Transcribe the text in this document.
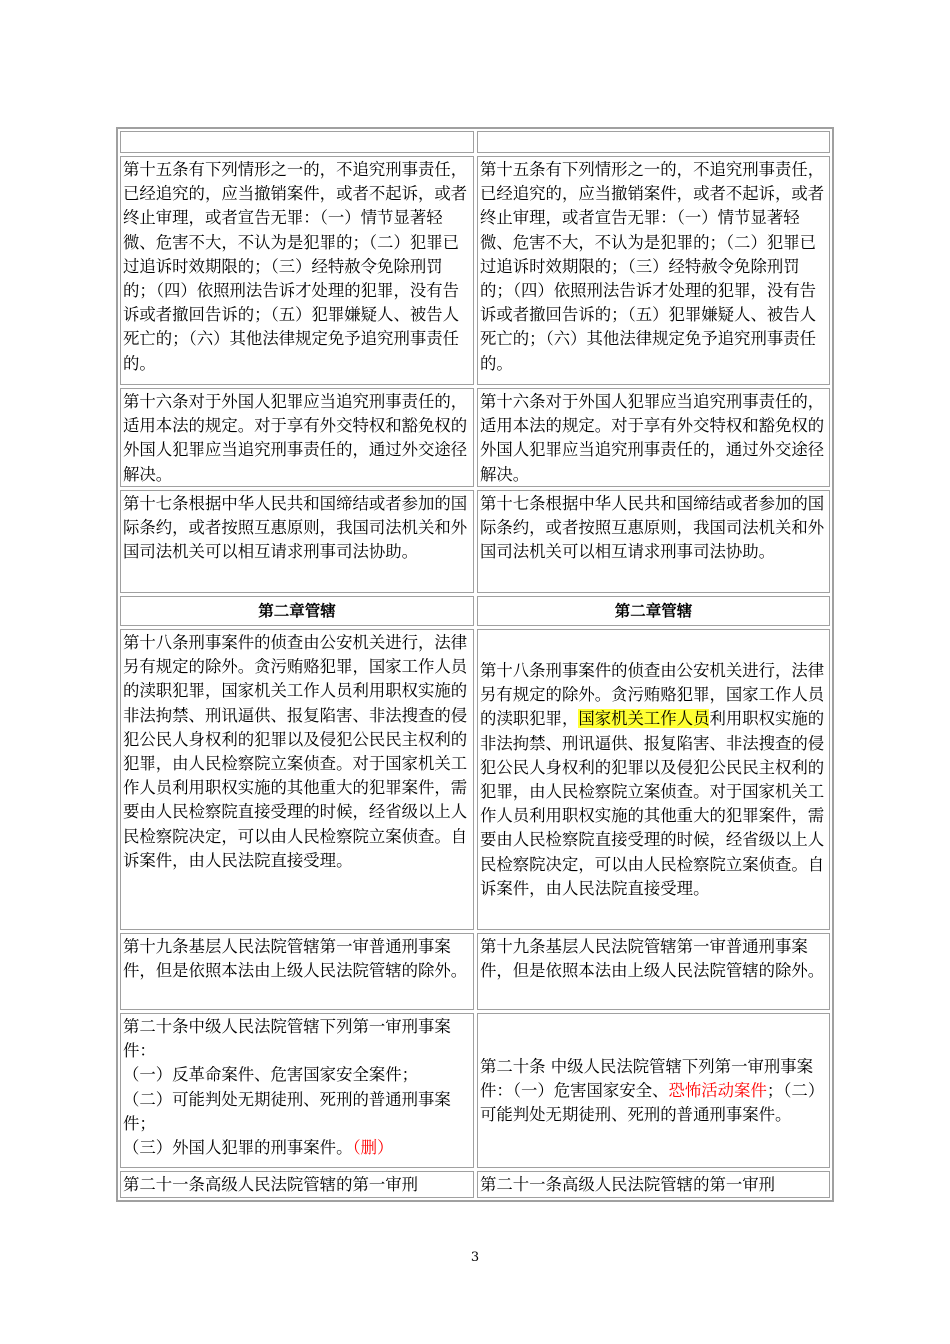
第十五条有下列情形之一的，不追究刑事责任，已经追究的，应当撤销案件，或者不起诉，或者终止审理，或者宣告无罪：（一）情节显著轻微、危害不大，不认为是犯罪的；（二）犯罪已过追诉时效期限的；（三）经特赦令免除刑罚的；（四）依照刑法告诉才处理的犯罪，没有告诉或者撤回告诉的；（五）犯罪嫌疑人、被告人死亡的；（六）其他法律规定免予追究刑事责任的。
第十五条有下列情形之一的，不追究刑事责任，已经追究的，应当撤销案件，或者不起诉，或者终止审理，或者宣告无罪：（一）情节显著轻微、危害不大，不认为是犯罪的；（二）犯罪已过追诉时效期限的；（三）经特赦令免除刑罚的；（四）依照刑法告诉才处理的犯罪，没有告诉或者撤回告诉的；（五）犯罪嫌疑人、被告人死亡的；（六）其他法律规定免予追究刑事责任的。
第十六条对于外国人犯罪应当追究刑事责任的，适用本法的规定。对于享有外交特权和豁免权的外国人犯罪应当追究刑事责任的，通过外交途径解决。
第十六条对于外国人犯罪应当追究刑事责任的，适用本法的规定。对于享有外交特权和豁免权的外国人犯罪应当追究刑事责任的，通过外交途径解决。
第十七条根据中华人民共和国缔结或者参加的国际条约，或者按照互惠原则，我国司法机关和外国司法机关可以相互请求刑事司法协助。
第十七条根据中华人民共和国缔结或者参加的国际条约，或者按照互惠原则，我国司法机关和外国司法机关可以相互请求刑事司法协助。
第二章管辖	第二章管辖
第十八条刑事案件的侦查由公安机关进行，法律另有规定的除外。贪污贿赂犯罪，国家工作人员的渎职犯罪，国家机关工作人员利用职权实施的非法拘禁、刑讯逼供、报复陷害、非法搜查的侵犯公民人身权利的犯罪以及侵犯公民民主权利的犯罪，由人民检察院立案侦查。对于国家机关工作人员利用职权实施的其他重大的犯罪案件，需要由人民检察院直接受理的时候，经省级以上人民检察院决定，可以由人民检察院立案侦查。自诉案件，由人民法院直接受理。

第十八条刑事案件的侦查由公安机关进行，法律另有规定的除外。贪污贿赂犯罪，国家工作人员的渎职犯罪，国家机关工作人员利用职权实施的非法拘禁、刑讯逼供、报复陷害、非法搜查的侵犯公民人身权利的犯罪以及侵犯公民民主权利的犯罪，由人民检察院立案侦查。对于国家机关工作人员利用职权实施的其他重大的犯罪案件，需要由人民检察院直接受理的时候，经省级以上人民检察院决定，可以由人民检察院立案侦查。自诉案件，由人民法院直接受理。

第十九条基层人民法院管辖第一审普通刑事案件，但是依照本法由上级人民法院管辖的除外。
第十九条基层人民法院管辖第一审普通刑事案件，但是依照本法由上级人民法院管辖的除外。

第二十条中级人民法院管辖下列第一审刑事案件：

（一）反革命案件、危害国家安全案件；

（二）可能判处无期徒刑、死刑的普通刑事案件；

（三）外国人犯罪的刑事案件。（删）

第二十条 中级人民法院管辖下列第一审刑事案件：（一）危害国家安全、恐怖活动案件；（二）可能判处无期徒刑、死刑的普通刑事案件。

第二十一条高级人民法院管辖的第一审刑	第二十一条高级人民法院管辖的第一审刑
3
